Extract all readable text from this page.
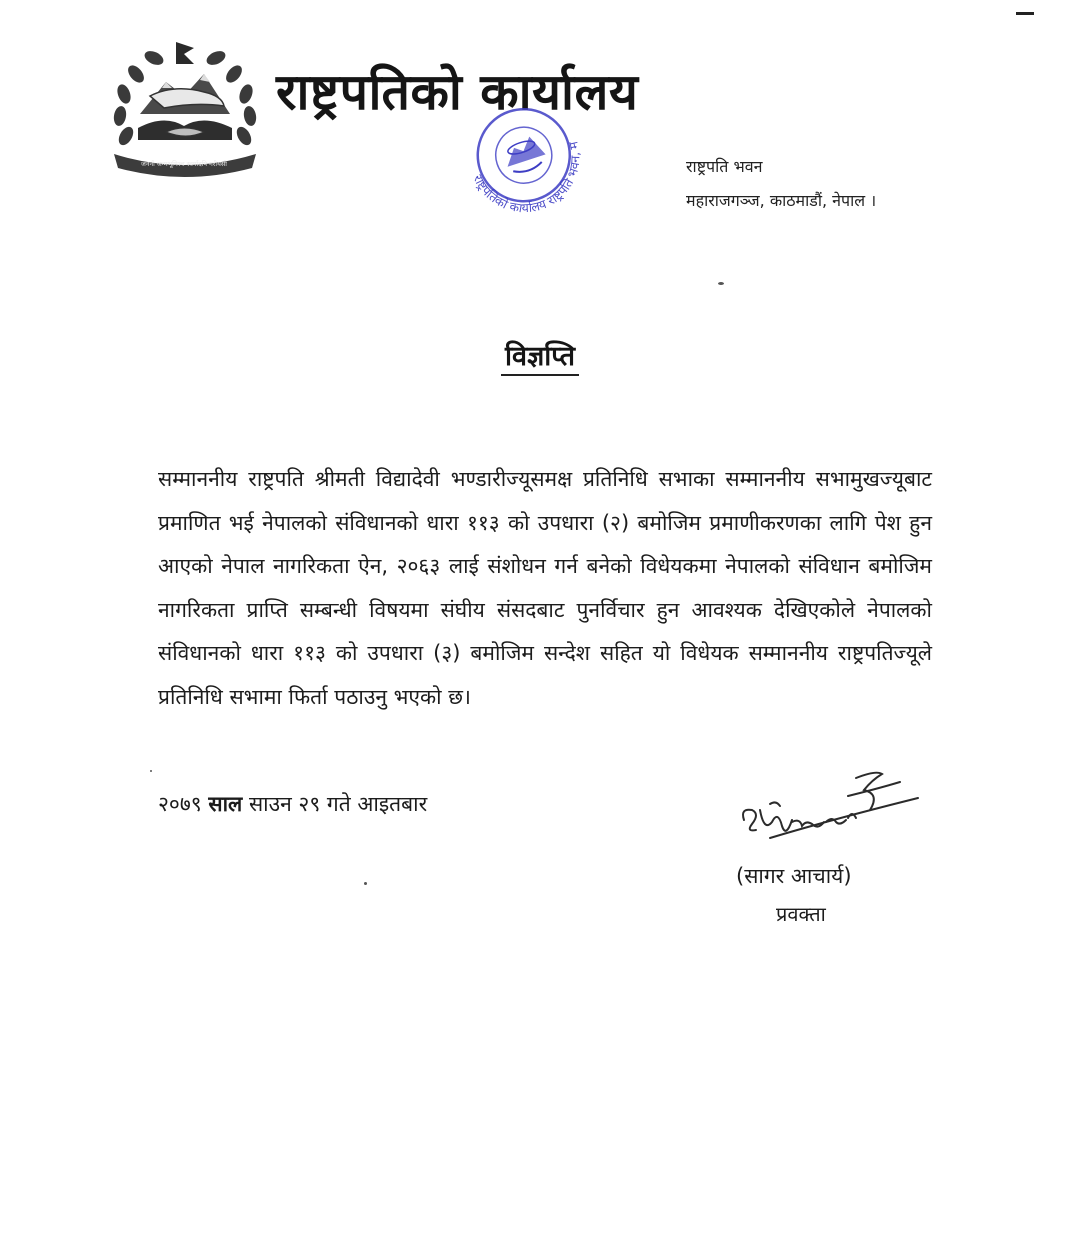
जननी जन्मभूमिश्च स्वर्गादपि गरीयसी
राष्ट्रपतिको कार्यालय
राष्ट्रपतिको कार्यालय राष्ट्रपति भवन, महाराजगञ्ज,
राष्ट्रपति भवन
महाराजगञ्ज, काठमाडौं, नेपाल ।
विज्ञप्ति
सम्माननीय राष्ट्रपति श्रीमती विद्यादेवी भण्डारीज्यूसमक्ष प्रतिनिधि सभाका सम्माननीय सभामुखज्यूबाट प्रमाणित भई नेपालको संविधानको धारा ११३ को उपधारा (२) बमोजिम प्रमाणीकरणका लागि पेश हुन आएको नेपाल नागरिकता ऐन, २०६३ लाई संशोधन गर्न बनेको विधेयकमा नेपालको संविधान बमोजिम नागरिकता प्राप्ति सम्बन्धी विषयमा संघीय संसदबाट पुनर्विचार हुन आवश्यक देखिएकोले नेपालको संविधानको धारा ११३ को उपधारा (३) बमोजिम सन्देश सहित यो विधेयक सम्माननीय राष्ट्रपतिज्यूले प्रतिनिधि सभामा फिर्ता पठाउनु भएको छ।
२०७९ साल साउन २९ गते आइतबार
(सागर आचार्य)
प्रवक्ता
